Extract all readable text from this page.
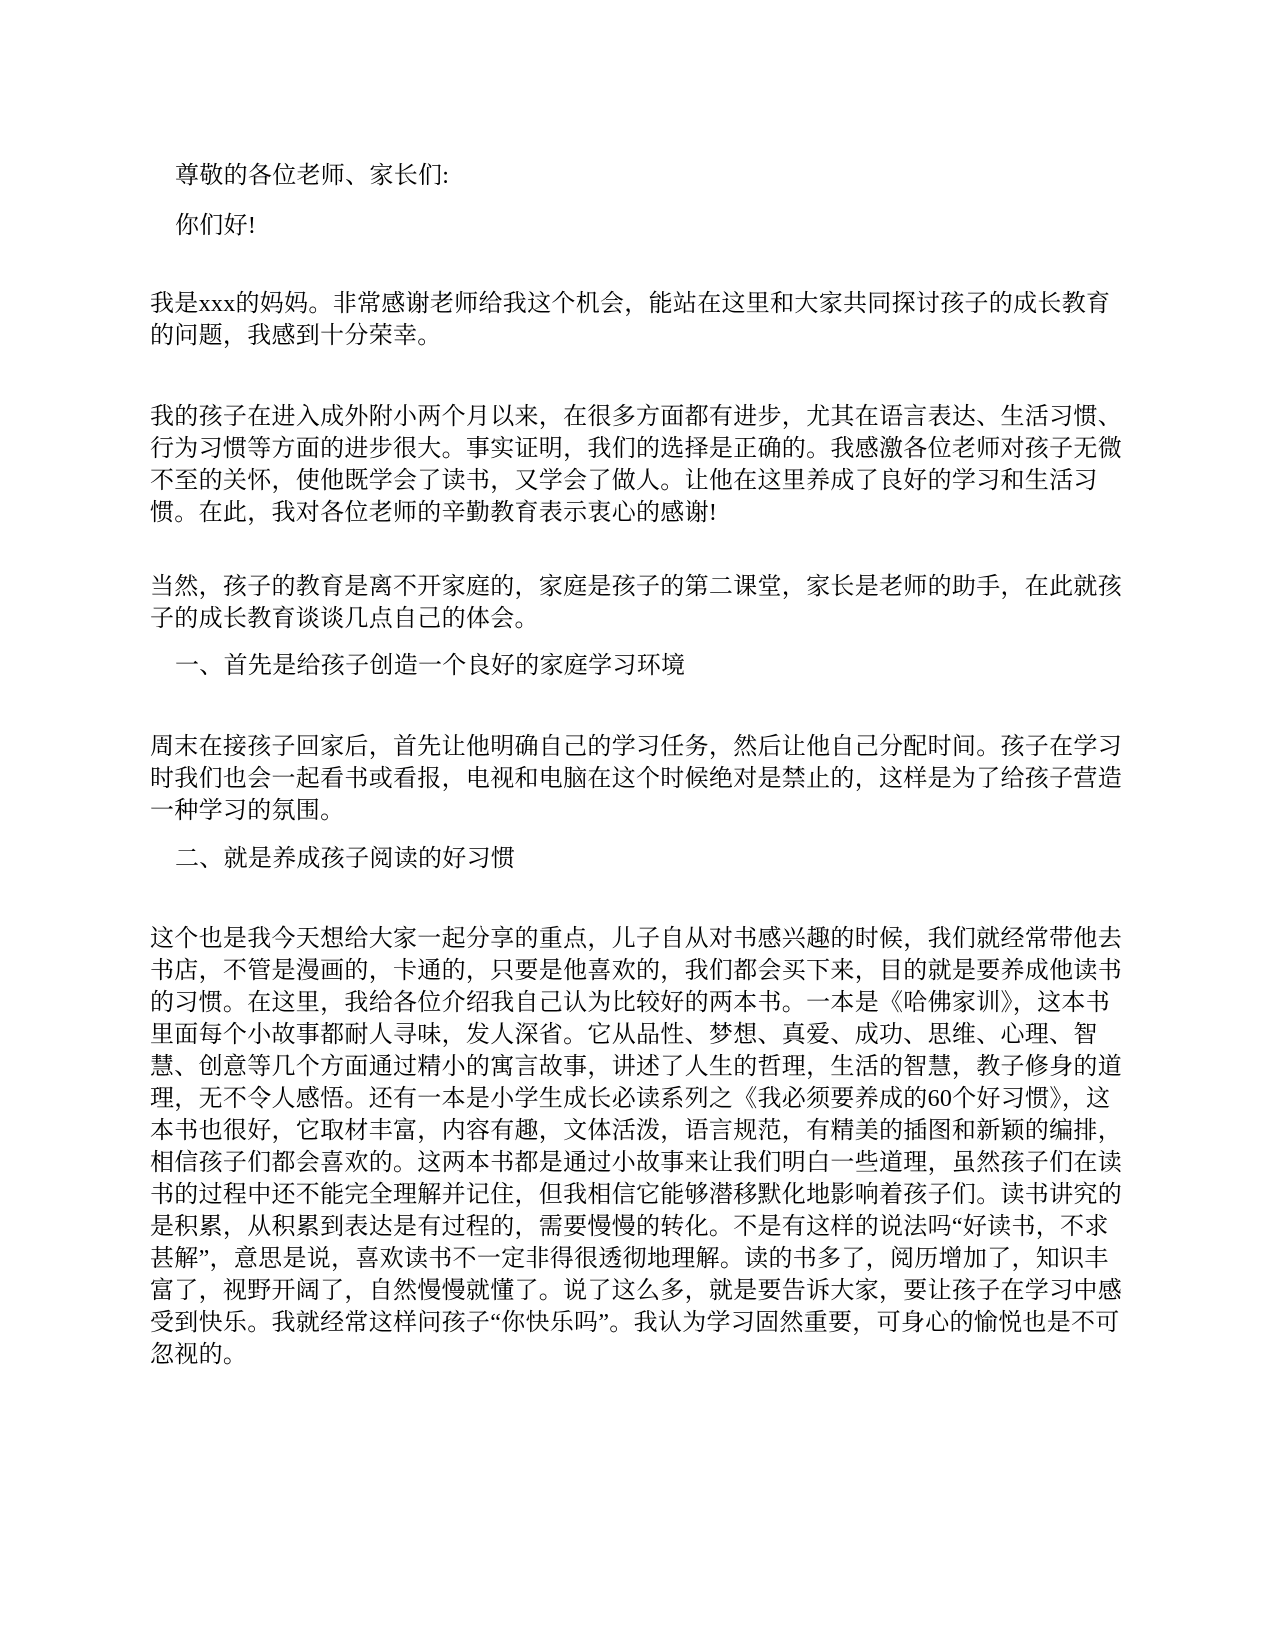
尊敬的各位老师、家长们:

你们好!

我是xxx的妈妈。非常感谢老师给我这个机会，能站在这里和大家共同探讨孩子的成长教育的问题，我感到十分荣幸。

我的孩子在进入成外附小两个月以来，在很多方面都有进步，尤其在语言表达、生活习惯、行为习惯等方面的进步很大。事实证明，我们的选择是正确的。我感激各位老师对孩子无微不至的关怀，使他既学会了读书，又学会了做人。让他在这里养成了良好的学习和生活习惯。在此，我对各位老师的辛勤教育表示衷心的感谢!

当然，孩子的教育是离不开家庭的，家庭是孩子的第二课堂，家长是老师的助手，在此就孩子的成长教育谈谈几点自己的体会。

一、首先是给孩子创造一个良好的家庭学习环境

周末在接孩子回家后，首先让他明确自己的学习任务，然后让他自己分配时间。孩子在学习时我们也会一起看书或看报，电视和电脑在这个时候绝对是禁止的，这样是为了给孩子营造一种学习的氛围。

二、就是养成孩子阅读的好习惯

这个也是我今天想给大家一起分享的重点，儿子自从对书感兴趣的时候，我们就经常带他去书店，不管是漫画的，卡通的，只要是他喜欢的，我们都会买下来，目的就是要养成他读书的习惯。在这里，我给各位介绍我自己认为比较好的两本书。一本是《哈佛家训》，这本书里面每个小故事都耐人寻味，发人深省。它从品性、梦想、真爱、成功、思维、心理、智慧、创意等几个方面通过精小的寓言故事，讲述了人生的哲理，生活的智慧，教子修身的道理，无不令人感悟。还有一本是小学生成长必读系列之《我必须要养成的60个好习惯》，这本书也很好，它取材丰富，内容有趣，文体活泼，语言规范，有精美的插图和新颖的编排，相信孩子们都会喜欢的。这两本书都是通过小故事来让我们明白一些道理，虽然孩子们在读书的过程中还不能完全理解并记住，但我相信它能够潜移默化地影响着孩子们。读书讲究的是积累，从积累到表达是有过程的，需要慢慢的转化。不是有这样的说法吗“好读书，不求甚解”，意思是说，喜欢读书不一定非得很透彻地理解。读的书多了，阅历增加了，知识丰富了，视野开阔了，自然慢慢就懂了。说了这么多，就是要告诉大家，要让孩子在学习中感受到快乐。我就经常这样问孩子“你快乐吗”。我认为学习固然重要，可身心的愉悦也是不可忽视的。
